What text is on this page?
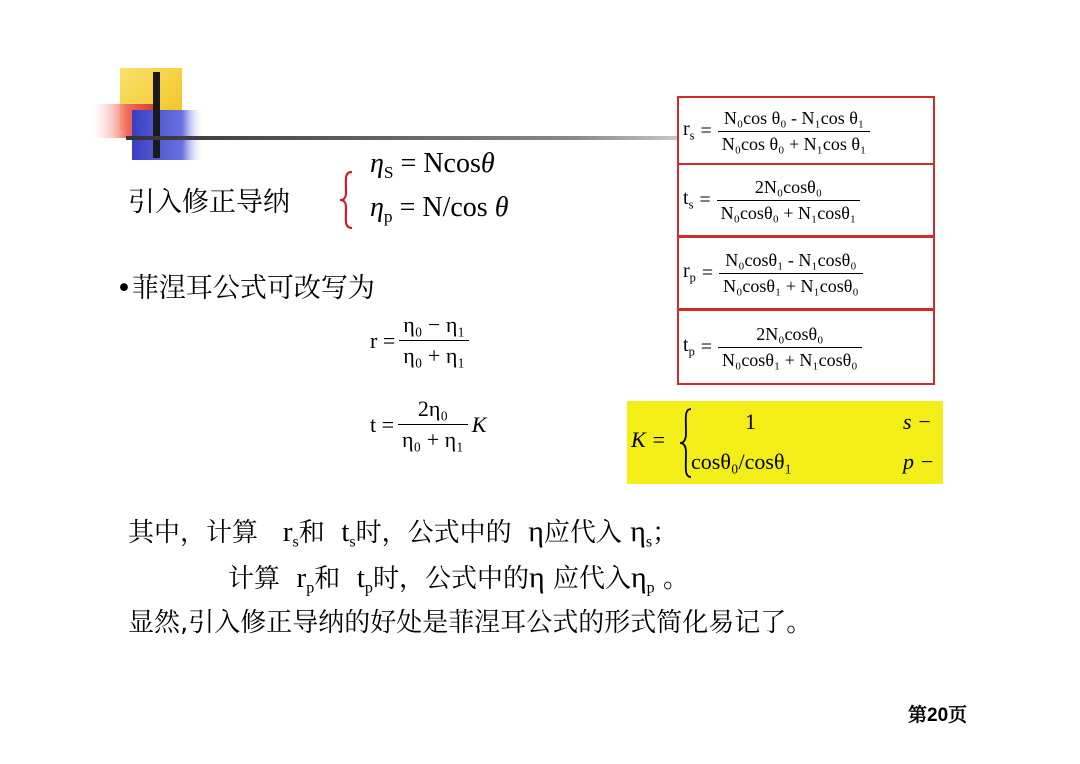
引入修正导纳
$\eta_S = Ncos\theta$
$\eta_p = N/\cos$ θ
•菲涅耳公式可改写为
$r = \frac{\text{η₀ − η₁}}{\text{η₀ + η₁}}$
$t = \frac{\text{2η₀}}{\text{η₀ + η₁}}$ K
$r_s = \frac{\text{N₀cos θ₀ - N₁cos θ₁}}{\text{N₀cos θ₀ + N₁cos θ₁}}$
$t_s = \frac{\text{2N₀cosθ₀}}{\text{N₀cosθ₀ + N₁cosθ₁}}$
$r_p = \frac{\text{N₀cosθ₁ - N₁cosθ₀}}{\text{N₀cosθ₁ + N₁cosθ₀}}$
$t_p = \frac{\text{2N₀cosθ₀}}{\text{N₀cosθ₁ + N₁cosθ₀}}$
K =
1	s −
cosθ₀/cosθ₁	p −
其中，计算 $r_s$和 $t_s$时，公式中的 η应代入 $\eta_s$；
计算 $r_p$和 $t_p$时，公式中的η 应代入$\eta_p$ 。
显然,引入修正导纳的好处是菲涅耳公式的形式简化易记了。
第20页
